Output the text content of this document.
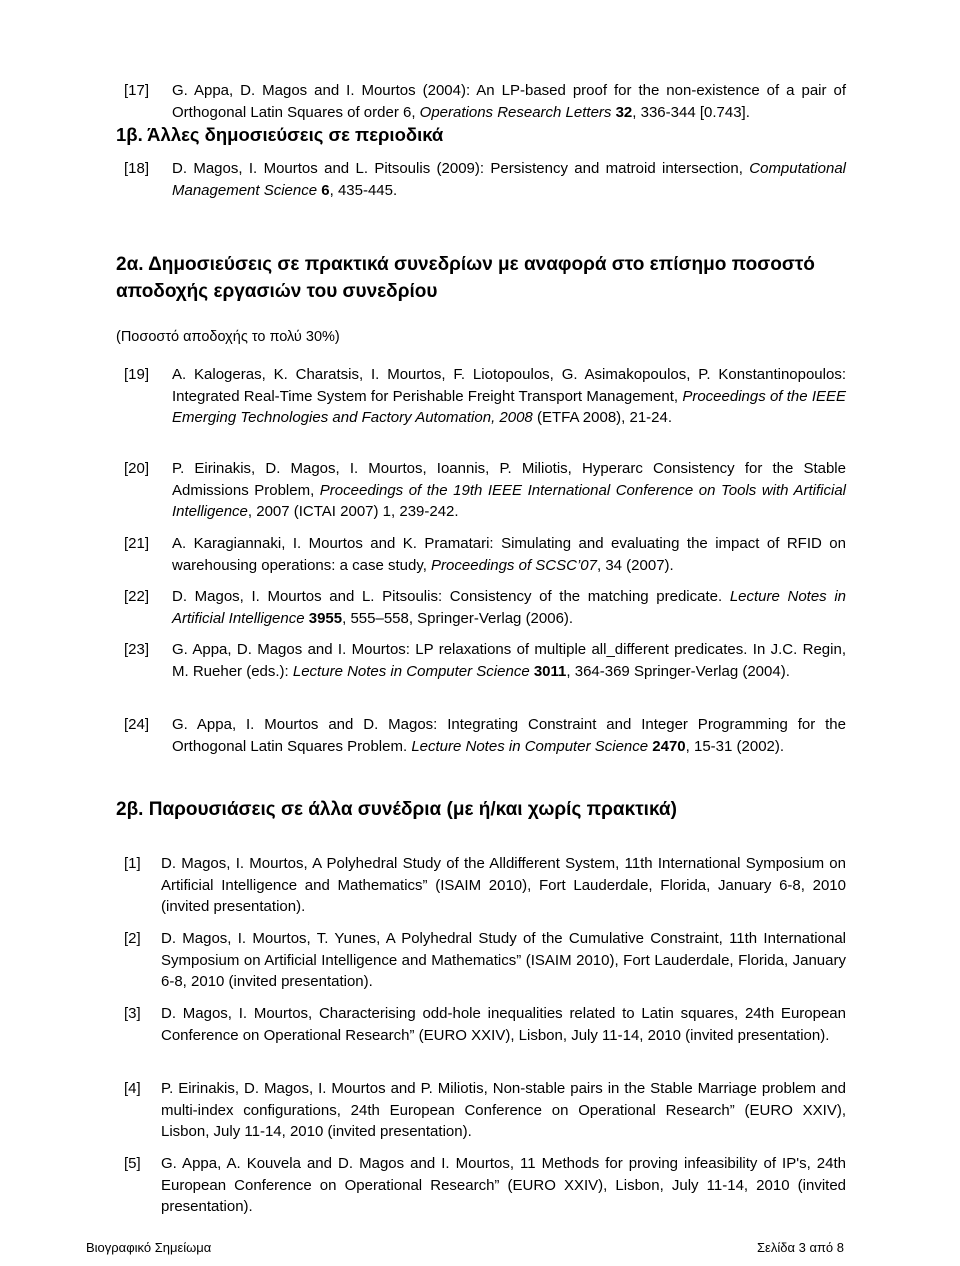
[17]	G. Appa, D. Magos and I. Mourtos (2004): An LP-based proof for the non-existence of a pair of Orthogonal Latin Squares of order 6, Operations Research Letters 32, 336-344 [0.743].
1β. Άλλες δημοσιεύσεις σε περιοδικά
[18]	D. Magos, I. Mourtos and L. Pitsoulis (2009): Persistency and matroid intersection, Computational Management Science 6, 435-445.
2α. Δημοσιεύσεις σε πρακτικά συνεδρίων με αναφορά στο επίσημο ποσοστό αποδοχής εργασιών του συνεδρίου
(Ποσοστό αποδοχής το πολύ 30%)
[19]	A. Kalogeras, K. Charatsis, I. Mourtos, F. Liotopoulos, G. Asimakopoulos, P. Konstantinopoulos: Integrated Real-Time System for Perishable Freight Transport Management, Proceedings of the IEEE Emerging Technologies and Factory Automation, 2008 (ETFA 2008), 21-24.
[20]	P. Eirinakis, D. Magos, I. Mourtos, Ioannis, P. Miliotis, Hyperarc Consistency for the Stable Admissions Problem, Proceedings of the 19th IEEE International Conference on Tools with Artificial Intelligence, 2007 (ICTAI 2007) 1, 239-242.
[21]	A. Karagiannaki, I. Mourtos and K. Pramatari: Simulating and evaluating the impact of RFID on warehousing operations: a case study, Proceedings of SCSC’07, 34 (2007).
[22]	D. Magos, I. Mourtos and L. Pitsoulis: Consistency of the matching predicate. Lecture Notes in Artificial Intelligence 3955, 555–558, Springer-Verlag (2006).
[23]	G. Appa, D. Magos and I. Mourtos: LP relaxations of multiple all_different predicates. In J.C. Regin, M. Rueher (eds.): Lecture Notes in Computer Science 3011, 364-369 Springer-Verlag (2004).
[24]	G. Appa, I. Mourtos and D. Magos: Integrating Constraint and Integer Programming for the Orthogonal Latin Squares Problem. Lecture Notes in Computer Science 2470, 15-31 (2002).
2β. Παρουσιάσεις σε άλλα συνέδρια (με ή/και χωρίς πρακτικά)
[1]	D. Magos, I. Mourtos, A Polyhedral Study of the Alldifferent System, 11th International Symposium on Artificial Intelligence and Mathematics” (ISAIM 2010), Fort Lauderdale, Florida, January 6-8, 2010 (invited presentation).
[2]	D. Magos, I. Mourtos, T. Yunes, A Polyhedral Study of the Cumulative Constraint, 11th International Symposium on Artificial Intelligence and Mathematics” (ISAIM 2010), Fort Lauderdale, Florida, January 6-8, 2010 (invited presentation).
[3]	D. Magos, I. Mourtos, Characterising odd-hole inequalities related to Latin squares, 24th European Conference on Operational Research” (EURO XXIV), Lisbon, July 11-14, 2010 (invited presentation).
[4]	P. Eirinakis, D. Magos, I. Mourtos and P. Miliotis, Non-stable pairs in the Stable Marriage problem and multi-index configurations, 24th European Conference on Operational Research” (EURO XXIV), Lisbon, July 11-14, 2010 (invited presentation).
[5]	G. Appa, A. Kouvela and D. Magos and I. Mourtos, 11 Methods for proving infeasibility of IP's, 24th European Conference on Operational Research” (EURO XXIV), Lisbon, July 11-14, 2010 (invited presentation).
Βιογραφικό Σημείωμα	Σελίδα 3 από 8
